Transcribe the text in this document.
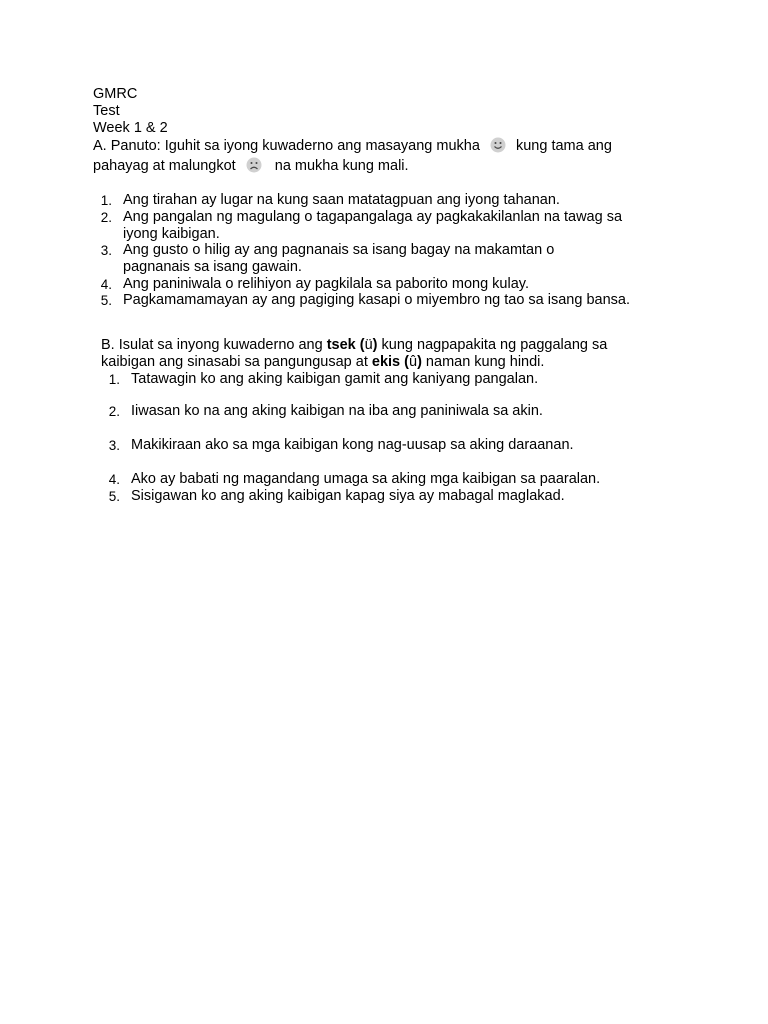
GMRC
Test
Week 1 & 2
A. Panuto: Iguhit sa iyong kuwaderno ang masayang mukha kung tama ang
pahayag at malungkot	na mukha kung mali.
1. Ang tirahan ay lugar na kung saan matatagpuan ang iyong tahanan.
2. Ang pangalan ng magulang o tagapangalaga ay pagkakakilanlan na tawag sa
iyong kaibigan.
3. Ang gusto o hilig ay ang pagnanais sa isang bagay na makamtan o
pagnanais sa isang gawain.
4. Ang paniniwala o relihiyon ay pagkilala sa paborito mong kulay.
5. Pagkamamamayan ay ang pagiging kasapi o miyembro ng tao sa isang bansa.
B. Isulat sa inyong kuwaderno ang tsek (ü) kung nagpapakita ng paggalang sa
kaibigan ang sinasabi sa pangungusap at ekis (û) naman kung hindi.
1. Tatawagin ko ang aking kaibigan gamit ang kaniyang pangalan.
2. Iiwasan ko na ang aking kaibigan na iba ang paniniwala sa akin.
3. Makikiraan ako sa mga kaibigan kong nag-uusap sa aking daraanan.
4. Ako ay babati ng magandang umaga sa aking mga kaibigan sa paaralan.
5. Sisigawan ko ang aking kaibigan kapag siya ay mabagal maglakad.
